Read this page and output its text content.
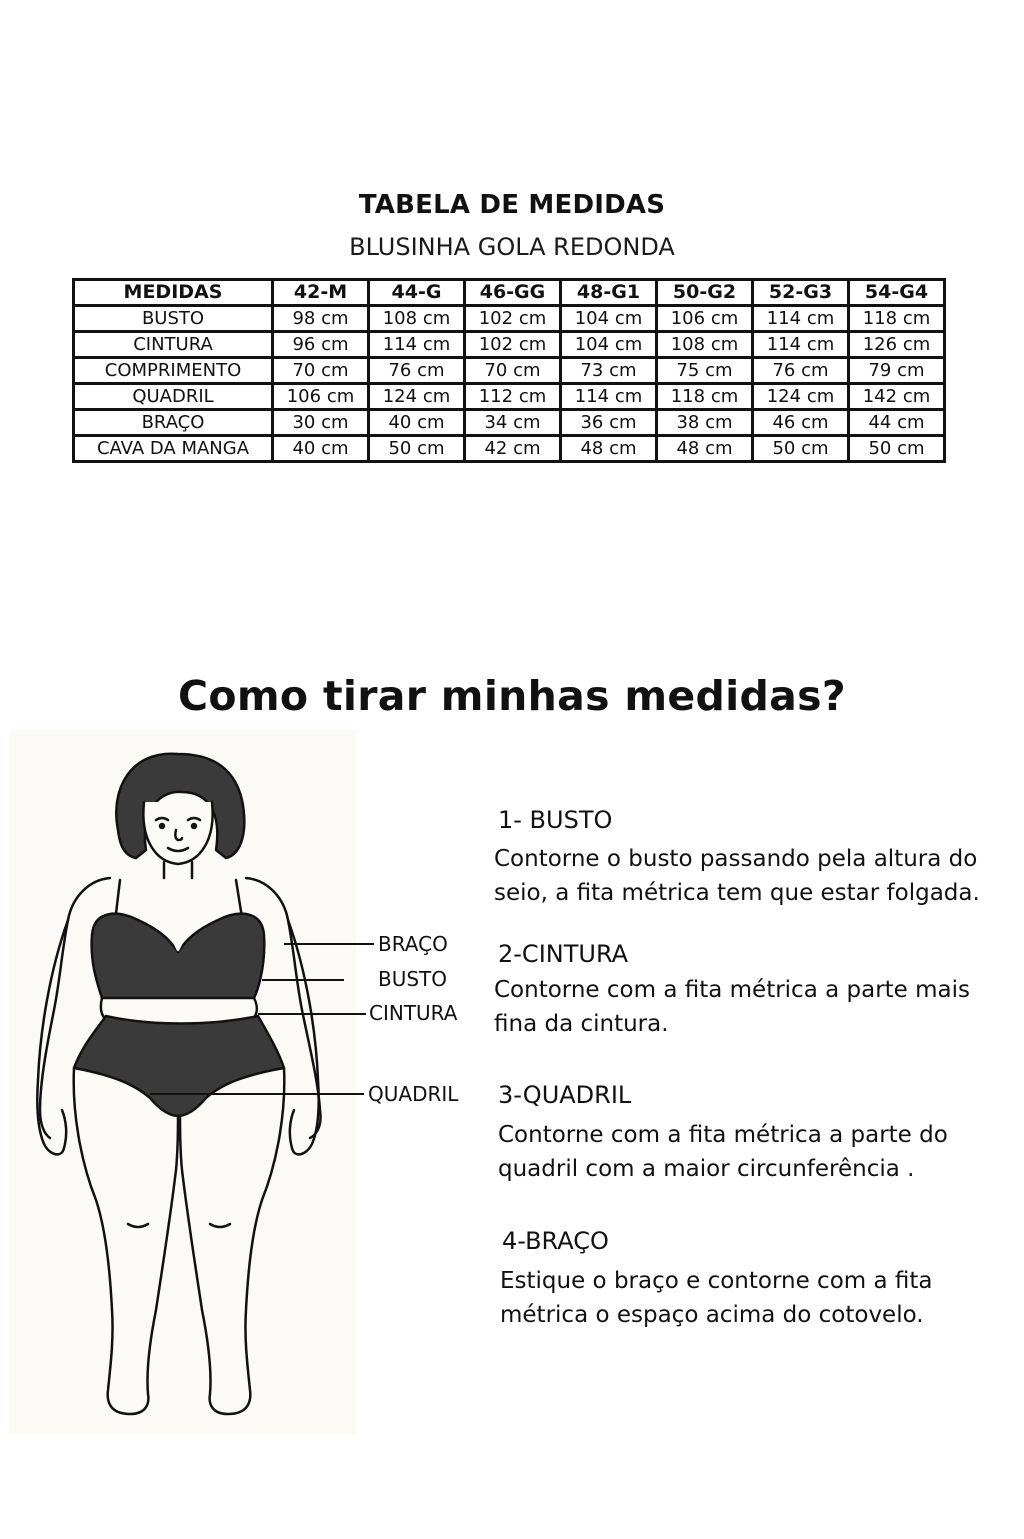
TABELA DE MEDIDAS
BLUSINHA GOLA REDONDA
MEDIDAS	42-M	44-G	46-GG	48-G1	50-G2	52-G3	54-G4
BUSTO	98 cm	108 cm	102 cm	104 cm	106 cm	114 cm	118 cm
CINTURA	96 cm	114 cm	102 cm	104 cm	108 cm	114 cm	126 cm
COMPRIMENTO	70 cm	76 cm	70 cm	73 cm	75 cm	76 cm	79 cm
QUADRIL	106 cm	124 cm	112 cm	114 cm	118 cm	124 cm	142 cm
BRAÇO	30 cm	40 cm	34 cm	36 cm	38 cm	46 cm	44 cm
CAVA DA MANGA	40 cm	50 cm	42 cm	48 cm	48 cm	50 cm	50 cm
Como tirar minhas medidas?
BRAÇO
BUSTO
CINTURA
QUADRIL
1- BUSTO
Contorne o busto passando pela altura do seio, a fita métrica tem que estar folgada.
2-CINTURA
Contorne com a fita métrica a parte mais fina da cintura.
3-QUADRIL
Contorne com a fita métrica a parte do quadril com a maior circunferência .
4-BRAÇO
Estique o braço e contorne com a fita métrica o espaço acima do cotovelo.
